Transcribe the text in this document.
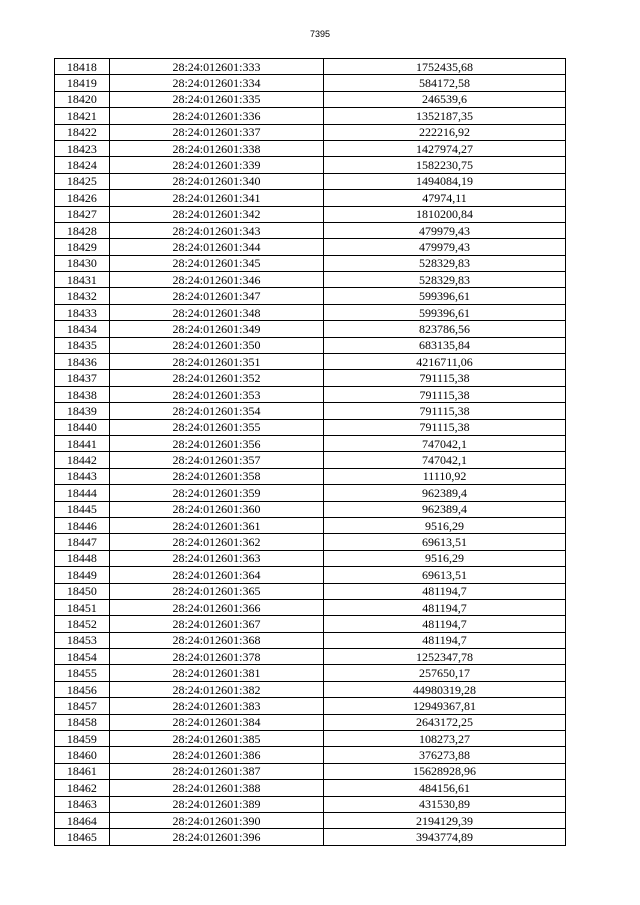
7395
18418	28:24:012601:333	1752435,68
18419	28:24:012601:334	584172,58
18420	28:24:012601:335	246539,6
18421	28:24:012601:336	1352187,35
18422	28:24:012601:337	222216,92
18423	28:24:012601:338	1427974,27
18424	28:24:012601:339	1582230,75
18425	28:24:012601:340	1494084,19
18426	28:24:012601:341	47974,11
18427	28:24:012601:342	1810200,84
18428	28:24:012601:343	479979,43
18429	28:24:012601:344	479979,43
18430	28:24:012601:345	528329,83
18431	28:24:012601:346	528329,83
18432	28:24:012601:347	599396,61
18433	28:24:012601:348	599396,61
18434	28:24:012601:349	823786,56
18435	28:24:012601:350	683135,84
18436	28:24:012601:351	4216711,06
18437	28:24:012601:352	791115,38
18438	28:24:012601:353	791115,38
18439	28:24:012601:354	791115,38
18440	28:24:012601:355	791115,38
18441	28:24:012601:356	747042,1
18442	28:24:012601:357	747042,1
18443	28:24:012601:358	11110,92
18444	28:24:012601:359	962389,4
18445	28:24:012601:360	962389,4
18446	28:24:012601:361	9516,29
18447	28:24:012601:362	69613,51
18448	28:24:012601:363	9516,29
18449	28:24:012601:364	69613,51
18450	28:24:012601:365	481194,7
18451	28:24:012601:366	481194,7
18452	28:24:012601:367	481194,7
18453	28:24:012601:368	481194,7
18454	28:24:012601:378	1252347,78
18455	28:24:012601:381	257650,17
18456	28:24:012601:382	44980319,28
18457	28:24:012601:383	12949367,81
18458	28:24:012601:384	2643172,25
18459	28:24:012601:385	108273,27
18460	28:24:012601:386	376273,88
18461	28:24:012601:387	15628928,96
18462	28:24:012601:388	484156,61
18463	28:24:012601:389	431530,89
18464	28:24:012601:390	2194129,39
18465	28:24:012601:396	3943774,89
